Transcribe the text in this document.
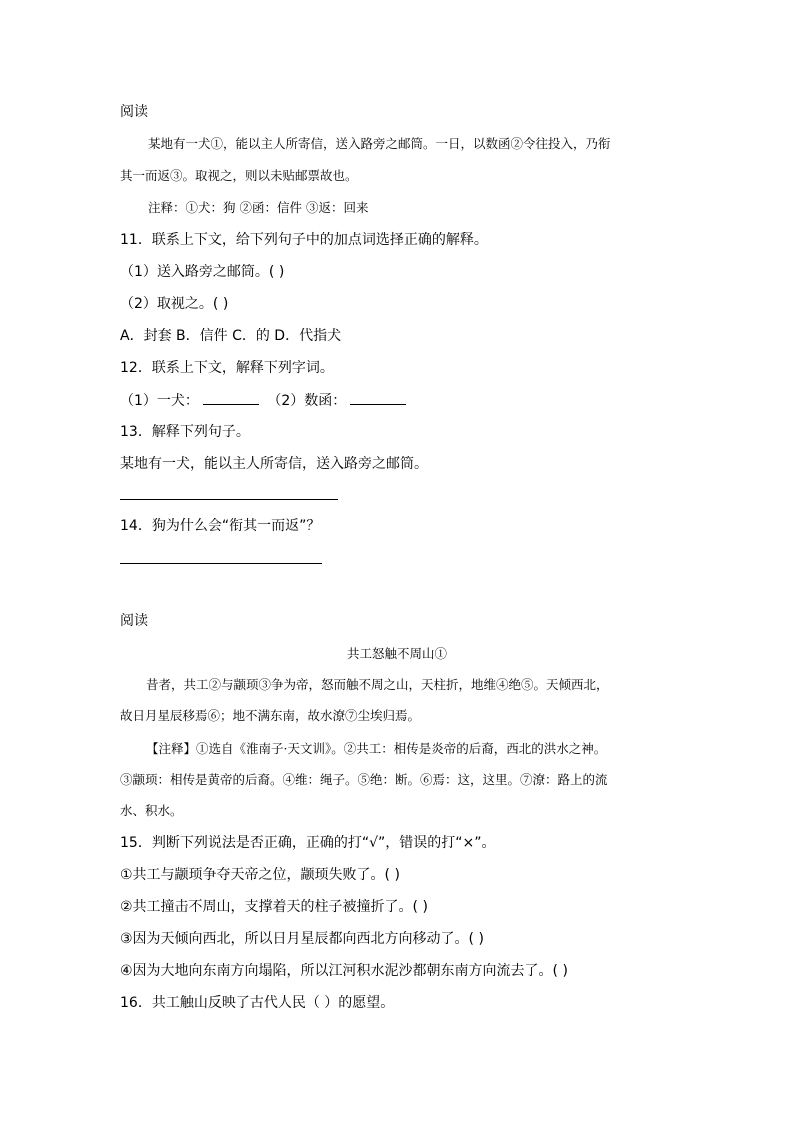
阅读
某地有一犬①，能以主人所寄信，送入路旁之邮筒。一日，以数函②令往投入，乃衔
其一而返③。取视之，则以未贴邮票故也。
注释：①犬：狗 ②函：信件 ③返：回来
11．联系上下文，给下列句子中的加点词选择正确的解释。
（1）送入路旁之邮筒。( )
（2）取视之。( )
A．封套 B．信件 C．的 D．代指犬
12．联系上下文，解释下列字词。
（1）一犬：	（2）数函：
13．解释下列句子。
某地有一犬，能以主人所寄信，送入路旁之邮筒。
14．狗为什么会“衔其一而返”？
阅读
共工怒触不周山①
昔者，共工②与颛顼③争为帝，怒而触不周之山，天柱折，地维④绝⑤。天倾西北，
故日月星辰移焉⑥；地不满东南，故水潦⑦尘埃归焉。
【注释】①选自《淮南子·天文训》。②共工：相传是炎帝的后裔，西北的洪水之神。
③颛顼：相传是黄帝的后裔。④维：绳子。⑤绝：断。⑥焉：这，这里。⑦潦：路上的流
水、积水。
15．判断下列说法是否正确，正确的打“√”，错误的打“×”。
①共工与颛顼争夺天帝之位，颛顼失败了。( )
②共工撞击不周山，支撑着天的柱子被撞折了。( )
③因为天倾向西北，所以日月星辰都向西北方向移动了。( )
④因为大地向东南方向塌陷，所以江河积水泥沙都朝东南方向流去了。( )
16．共工触山反映了古代人民（ ）的愿望。
